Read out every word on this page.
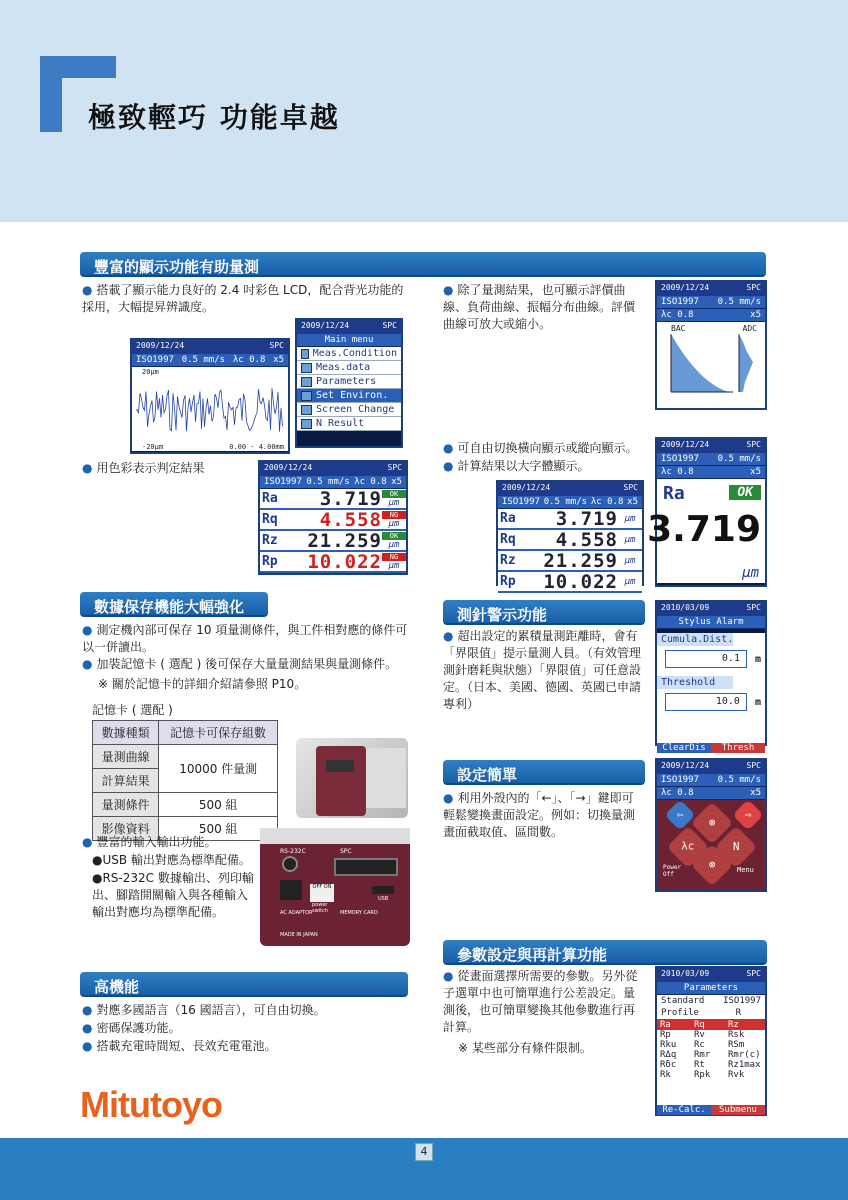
極致輕巧 功能卓越
豐富的顯示功能有助量測
● 搭載了顯示能力良好的 2.4 吋彩色 LCD，配合背光功能的採用，大幅提昇辨識度。
2009/12/24	SPC
ISO1997 0.5 mm/s λc 0.8 x5
20μm
-20μm	0.00 - 4.00mm
2009/12/24	SPC
Main menu
Meas.Condition
Meas.data
Parameters
Set Environ.
Screen Change
N Result
● 用色彩表示判定結果	2009/12/24	SPC
ISO1997 0.5 mm/s λc 0.8 x5
Ra	3.719	OK
μm
Rq	4.558	NG
μm
Rz	21.259	OK
μm
Rp	10.022	NG
μm
● 除了量測結果，也可顯示評價曲線、負荷曲線、振幅分布曲線。評價曲線可放大或縮小。
2009/12/24	SPC
ISO1997 0.5 mm/s
λc 0.8	x5
BAC	ADC
● 可自由切換橫向顯示或縱向顯示。
● 計算結果以大字體顯示。
2009/12/24	SPC
ISO1997 0.5 mm/s λc 0.8 x5
Ra	3.719 μm
Rq	4.558 μm
Rz	21.259 μm
Rp	10.022 μm
2009/12/24	SPC
ISO1997 0.5 mm/s
λc 0.8	x5
Ra	OK
3.719
μm
數據保存機能大幅強化
● 測定機內部可保存 10 項量測條件，與工件相對應的條件可以一併讀出。
● 加裝記憶卡 ( 選配 ) 後可保存大量量測結果與量測條件。
※ 關於記憶卡的詳細介紹請參照 P10。
記憶卡 ( 選配 )
數據種類	記憶卡可保存組數
量測曲線	10000 件量測
計算結果	
量測條件	500 組
影像資料	500 組
● 豐富的輸入輸出功能。
●USB 輸出對應為標準配備。
●RS-232C 數據輸出、列印輸出、腳踏開關輸入與各種輸入輸出對應均為標準配備。
RS-232C	SPC
OFF ON
Battery power switch
USB
AC ADAPTOR	MEMORY CARD
MADE IN JAPAN
高機能
● 對應多國語言（16 國語言），可自由切換。
● 密碼保護功能。
● 搭載充電時間短、長效充電電池。
測針警示功能
● 超出設定的累積量測距離時，會有「界限值」提示量測人員。（有效管理測針磨耗與狀態）「界限值」可任意設定。（日本、美國、德國、英國已申請專利）
2010/03/09	SPC
Stylus Alarm
Cumula.Dist.
0.1	m
Threshold
10.0	m
ClearDis	Thresh
設定簡單
● 利用外殼內的「←」、「→」鍵即可輕鬆變換畫面設定。例如：切換量測畫面截取值、區間數。
2009/12/24	SPC
ISO1997 0.5 mm/s
λc 0.8	x5
⊗
⇦	⇨
λc	N
⊗
Power Off
Menu
參數設定與再計算功能
● 從畫面選擇所需要的參數。另外從子選單中也可簡單進行公差設定。量測後，也可簡單變換其他參數進行再計算。
※ 某些部分有條件限制。
2010/03/09	SPC
Parameters
Standard ISO1997
Profile	R
Ra	Rq	Rz
Rp	Rv	Rsk
Rku	Rc	RSm
RΔq	Rmr	Rmr(c)
Rδc	Rt	Rz1max
Rk	Rpk	Rvk
Re-Calc.	Submenu
Mitutoyo
4
